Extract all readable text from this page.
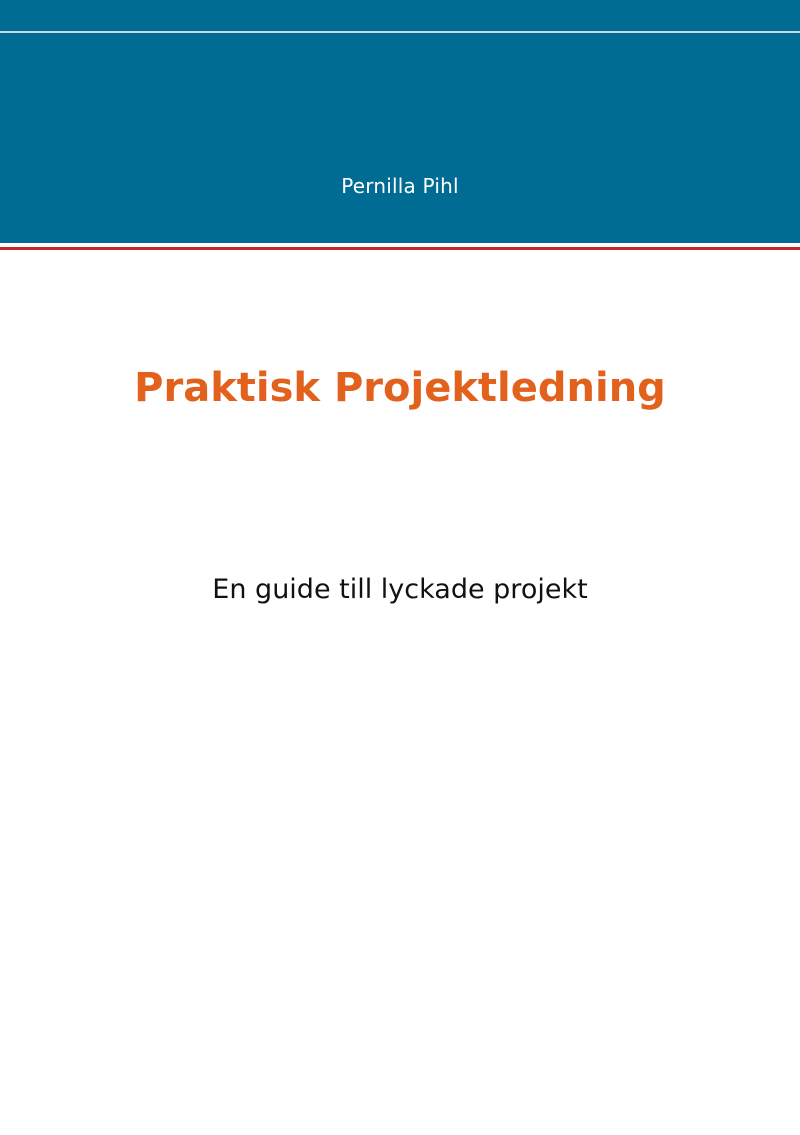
Pernilla Pihl
Praktisk Projektledning
En guide till lyckade projekt
